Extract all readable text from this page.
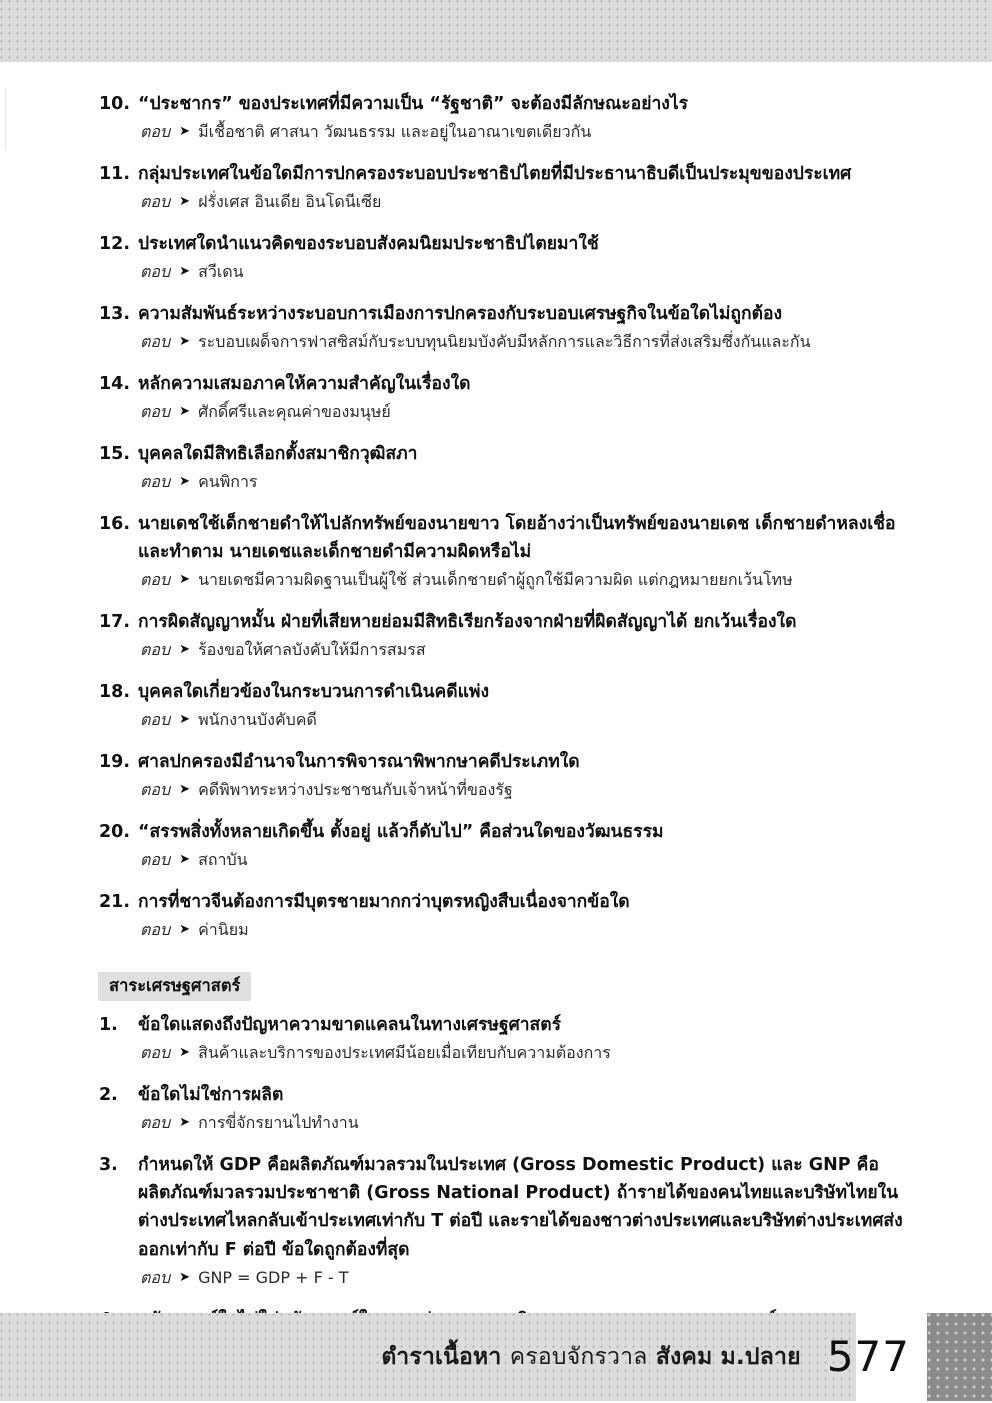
10. “ประชากร” ของประเทศที่มีความเป็น “รัฐชาติ” จะต้องมีลักษณะอย่างไร
ตอบ ➤ มีเชื้อชาติ ศาสนา วัฒนธรรม และอยู่ในอาณาเขตเดียวกัน
11. กลุ่มประเทศในข้อใดมีการปกครองระบอบประชาธิปไตยที่มีประธานาธิบดีเป็นประมุขของประเทศ
ตอบ ➤ ฝรั่งเศส อินเดีย อินโดนีเซีย
12. ประเทศใดนำแนวคิดของระบอบสังคมนิยมประชาธิปไตยมาใช้
ตอบ ➤ สวีเดน
13. ความสัมพันธ์ระหว่างระบอบการเมืองการปกครองกับระบอบเศรษฐกิจในข้อใดไม่ถูกต้อง
ตอบ ➤ ระบอบเผด็จการฟาสซิสม์กับระบบทุนนิยมบังคับมีหลักการและวิธีการที่ส่งเสริมซึ่งกันและกัน
14. หลักความเสมอภาคให้ความสำคัญในเรื่องใด
ตอบ ➤ ศักดิ์ศรีและคุณค่าของมนุษย์
15. บุคคลใดมีสิทธิเลือกตั้งสมาชิกวุฒิสภา
ตอบ ➤ คนพิการ
16. นายเดชใช้เด็กชายดำให้ไปลักทรัพย์ของนายขาว โดยอ้างว่าเป็นทรัพย์ของนายเดช เด็กชายดำหลงเชื่อและทำตาม นายเดชและเด็กชายดำมีความผิดหรือไม่
ตอบ ➤ นายเดชมีความผิดฐานเป็นผู้ใช้ ส่วนเด็กชายดำผู้ถูกใช้มีความผิด แต่กฎหมายยกเว้นโทษ
17. การผิดสัญญาหมั้น ฝ่ายที่เสียหายย่อมมีสิทธิเรียกร้องจากฝ่ายที่ผิดสัญญาได้ ยกเว้นเรื่องใด
ตอบ ➤ ร้องขอให้ศาลบังคับให้มีการสมรส
18. บุคคลใดเกี่ยวข้องในกระบวนการดำเนินคดีแพ่ง
ตอบ ➤ พนักงานบังคับคดี
19. ศาลปกครองมีอำนาจในการพิจารณาพิพากษาคดีประเภทใด
ตอบ ➤ คดีพิพาทระหว่างประชาชนกับเจ้าหน้าที่ของรัฐ
20. “สรรพสิ่งทั้งหลายเกิดขึ้น ตั้งอยู่ แล้วก็ดับไป” คือส่วนใดของวัฒนธรรม
ตอบ ➤ สถาบัน
21. การที่ชาวจีนต้องการมีบุตรชายมากกว่าบุตรหญิงสืบเนื่องจากข้อใด
ตอบ ➤ ค่านิยม
สาระเศรษฐศาสตร์
1.	ข้อใดแสดงถึงปัญหาความขาดแคลนในทางเศรษฐศาสตร์
ตอบ ➤ สินค้าและบริการของประเทศมีน้อยเมื่อเทียบกับความต้องการ
2.	ข้อใดไม่ใช่การผลิต
ตอบ ➤ การขี่จักรยานไปทำงาน
3.	กำหนดให้ GDP คือผลิตภัณฑ์มวลรวมในประเทศ (Gross Domestic Product) และ GNP คือผลิตภัณฑ์มวลรวมประชาชาติ (Gross National Product) ถ้ารายได้ของคนไทยและบริษัทไทยในต่างประเทศไหลกลับเข้าประเทศเท่ากับ T ต่อปี และรายได้ของชาวต่างประเทศและบริษัทต่างประเทศส่งออกเท่ากับ F ต่อปี ข้อใดถูกต้องที่สุด
ตอบ ➤ GNP = GDP + F - T
ตำราเนื้อหา ครอบจักรวาล สังคม ม.ปลาย 577
